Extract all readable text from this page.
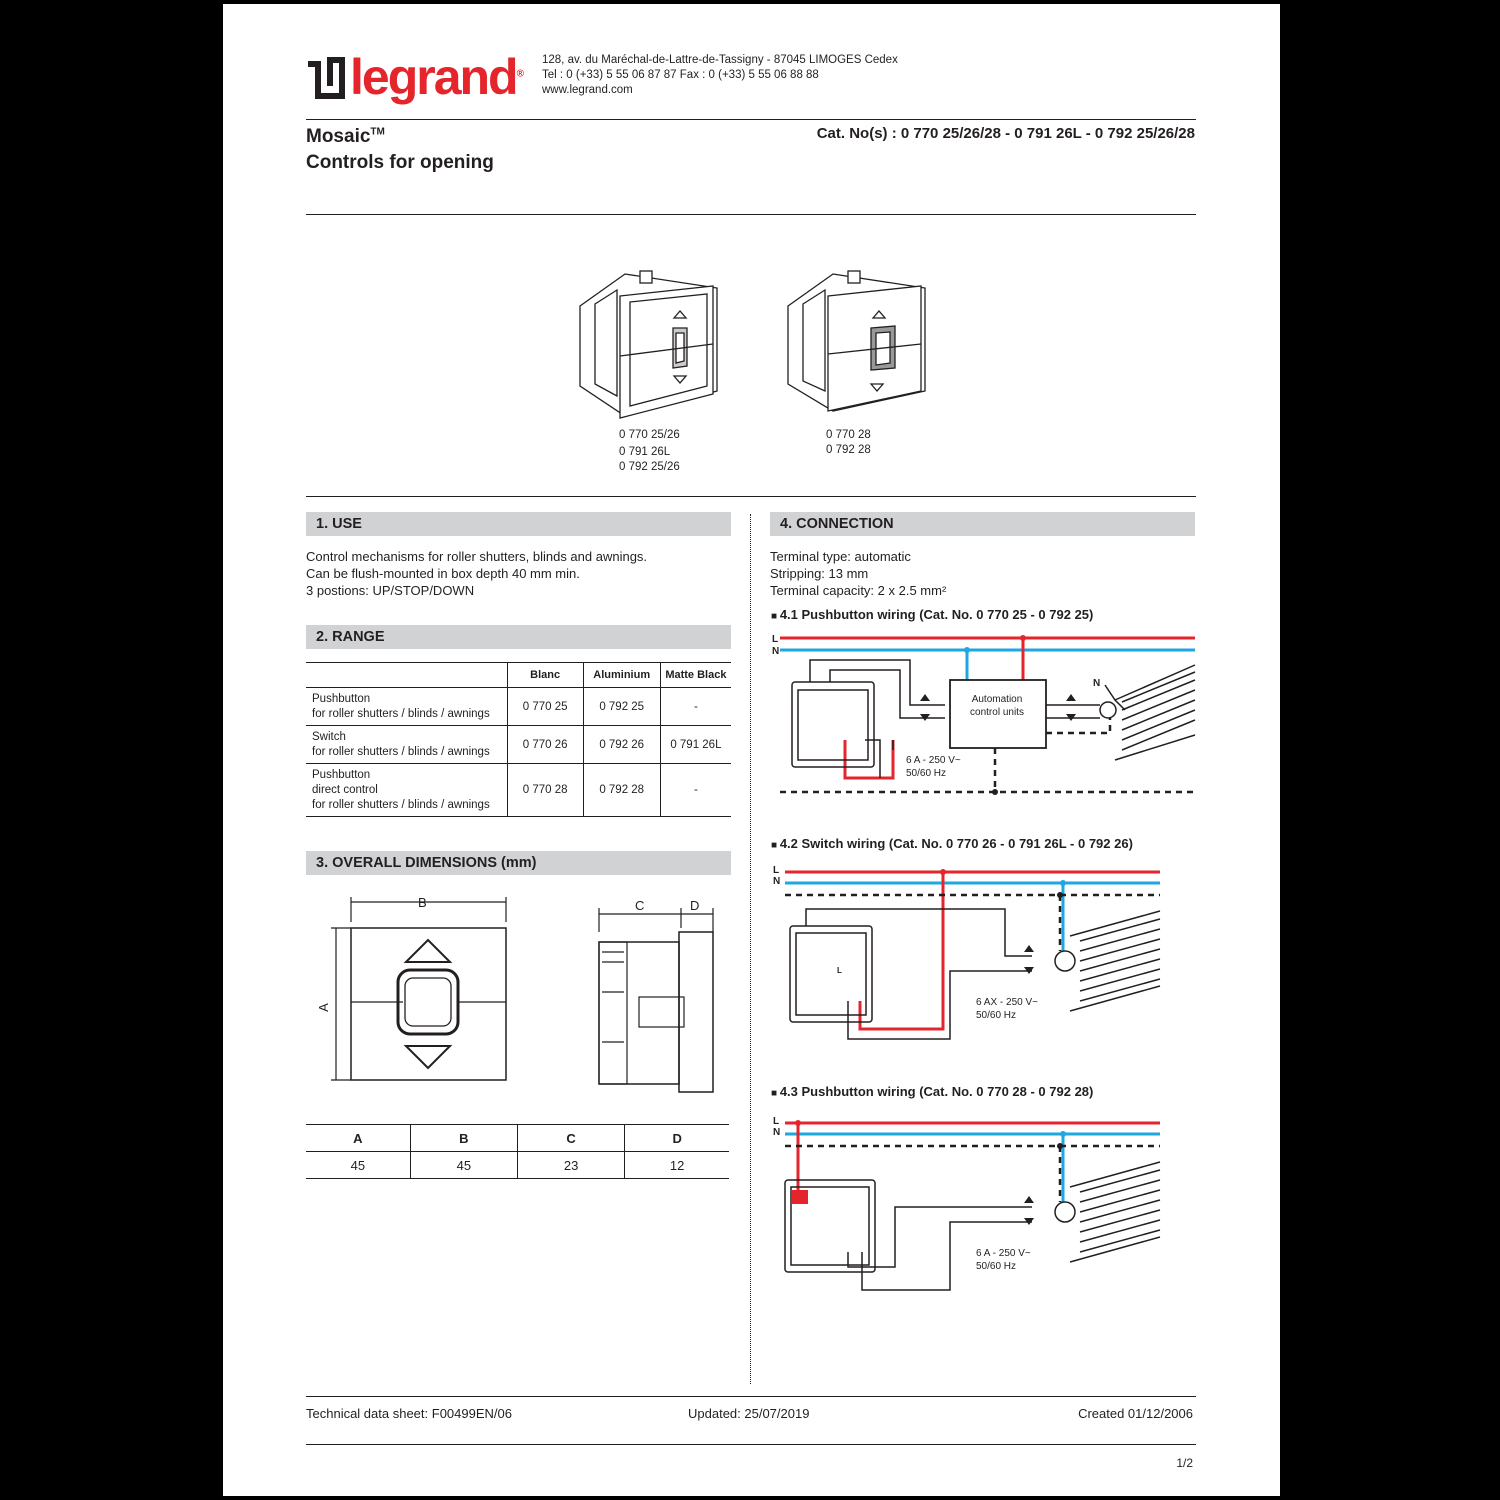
legrand®
128, av. du Maréchal-de-Lattre-de-Tassigny - 87045 LIMOGES Cedex
Tel : 0 (+33) 5 55 06 87 87 Fax : 0 (+33) 5 55 06 88 88
www.legrand.com
Mosaic™
Controls for opening
Cat. No(s) : 0 770 25/26/28 - 0 791 26L - 0 792 25/26/28
0 770 25/26
0 791 26L
0 792 25/26
0 770 28
0 792 28
1. USE
Control mechanisms for roller shutters, blinds and awnings.
Can be flush-mounted in box depth 40 mm min.
3 postions: UP/STOP/DOWN
2. RANGE
	Blanc	Aluminium	Matte Black

Pushbutton
for roller shutters / blinds / awnings	0 770 25	0 792 25	-

Switch
for roller shutters / blinds / awnings	0 770 26	0 792 26	0 791 26L

Pushbutton
direct control
for roller shutters / blinds / awnings	0 770 28	0 792 28	-
3. OVERALL DIMENSIONS (mm)
B
A
C	D
A	B	C	D
45	45	23	12
4. CONNECTION
Terminal type: automatic
Stripping: 13 mm
Terminal capacity: 2 x 2.5 mm²
■ 4.1 Pushbutton wiring (Cat. No. 0 770 25 - 0 792 25)
L
N
N
Automation
control units
6 A - 250 V~
50/60 Hz
■ 4.2 Switch wiring (Cat. No. 0 770 26 - 0 791 26L - 0 792 26)
L
N
L
6 AX - 250 V~
50/60 Hz
■ 4.3 Pushbutton wiring (Cat. No. 0 770 28 - 0 792 28)
L
N
6 A - 250 V~
50/60 Hz
Technical data sheet: F00499EN/06	Updated: 25/07/2019	Created 01/12/2006
1/2
